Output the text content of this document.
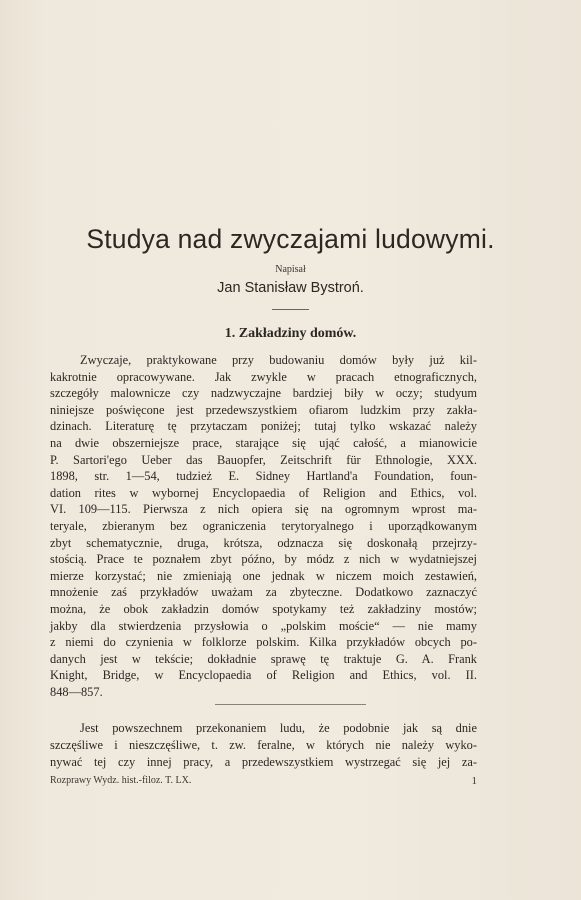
Studya nad zwyczajami ludowymi.
Napisał
Jan Stanisław Bystroń.
1. Zakładziny domów.
Zwyczaje, praktykowane przy budowaniu domów były już kil-
kakrotnie opracowywane. Jak zwykle w pracach etnograficznych,
szczegóły malownicze czy nadzwyczajne bardziej biły w oczy; studyum
niniejsze poświęcone jest przedewszystkiem ofiarom ludzkim przy zakła-
dzinach. Literaturę tę przytaczam poniżej; tutaj tylko wskazać należy
na dwie obszerniejsze prace, starające się ująć całość, a mianowicie
P. Sartori'ego Ueber das Bauopfer, Zeitschrift für Ethnologie, XXX.
1898, str. 1—54, tudzież E. Sidney Hartland'a Foundation, foun-
dation rites w wybornej Encyclopaedia of Religion and Ethics, vol.
VI. 109—115. Pierwsza z nich opiera się na ogromnym wprost ma-
teryale, zbieranym bez ograniczenia terytoryalnego i uporządkowanym
zbyt schematycznie, druga, krótsza, odznacza się doskonałą przejrzy-
stością. Prace te poznałem zbyt późno, by módz z nich w wydatniejszej
mierze korzystać; nie zmieniają one jednak w niczem moich zestawień,
mnożenie zaś przykładów uważam za zbyteczne. Dodatkowo zaznaczyć
można, że obok zakładzin domów spotykamy też zakładziny mostów;
jakby dla stwierdzenia przysłowia o „polskim moście“ — nie mamy
z niemi do czynienia w folklorze polskim. Kilka przykładów obcych po-
danych jest w tekście; dokładnie sprawę tę traktuje G. A. Frank
Knight, Bridge, w Encyclopaedia of Religion and Ethics, vol. II.
848—857.
Jest powszechnem przekonaniem ludu, że podobnie jak są dnie
szczęśliwe i nieszczęśliwe, t. zw. feralne, w których nie należy wyko-
nywać tej czy innej pracy, a przedewszystkiem wystrzegać się jej za-
Rozprawy Wydz. hist.-filoz. T. LX.	1
